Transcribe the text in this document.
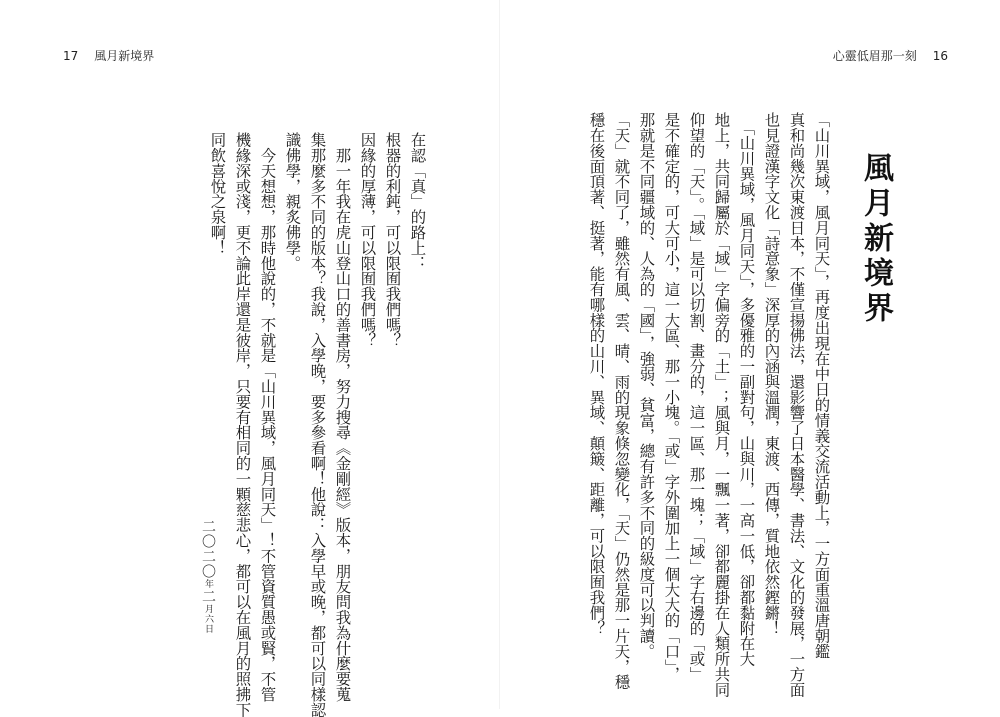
17 風月新境界	心靈低眉那一刻 16
風月新境界
「山川異域，風月同天」，再度出現在中日的情義交流活動上，一方面重溫唐朝鑑
真和尚幾次東渡日本，不僅宣揚佛法，還影響了日本醫學、書法、文化的發展，一方面
也見證漢字文化「詩意象」深厚的內涵與溫潤，東渡、西傳，質地依然鏗鏘！
　「山川異域，風月同天」，多優雅的一副對句，山與川，一高一低，卻都黏附在大
地上，共同歸屬於「域」字偏旁的「土」；風與月，一飄一著，卻都麗掛在人類所共同
仰望的「天」。「域」是可以切割、畫分的，這一區、那一塊；「域」字右邊的「或」
是不確定的，可大可小，這一大區、那一小塊。「或」字外圍加上一個大大的「口」，
那就是不同疆域的、人為的「國」，強弱、貧富，總有許多不同的級度可以判讀。
「天」就不同了，雖然有風、雲、晴、雨的現象倏忽變化，「天」仍然是那一片天，穩
穩在後面頂著、挺著，能有哪樣的山川、異域、顛簸、距離，可以限囿我們？
在認「真」的路上：
根器的利鈍，可以限囿我們嗎？
因緣的厚薄，可以限囿我們嗎？
　那一年我在虎山登山口的善書房，努力搜尋《金剛經》版本，朋友問我為什麼要蒐
集那麼多不同的版本？我說，入學晚，要多參看啊！他說：入學早或晚，都可以同樣認
識佛學，親炙佛學。
　今天想想，那時他說的，不就是「山川異域，風月同天」！不管資質愚或賢，不管
機緣深或淺，更不論此岸還是彼岸，只要有相同的一顆慈悲心，都可以在風月的照拂下
同飲喜悅之泉啊！
二〇二〇年二月六日
